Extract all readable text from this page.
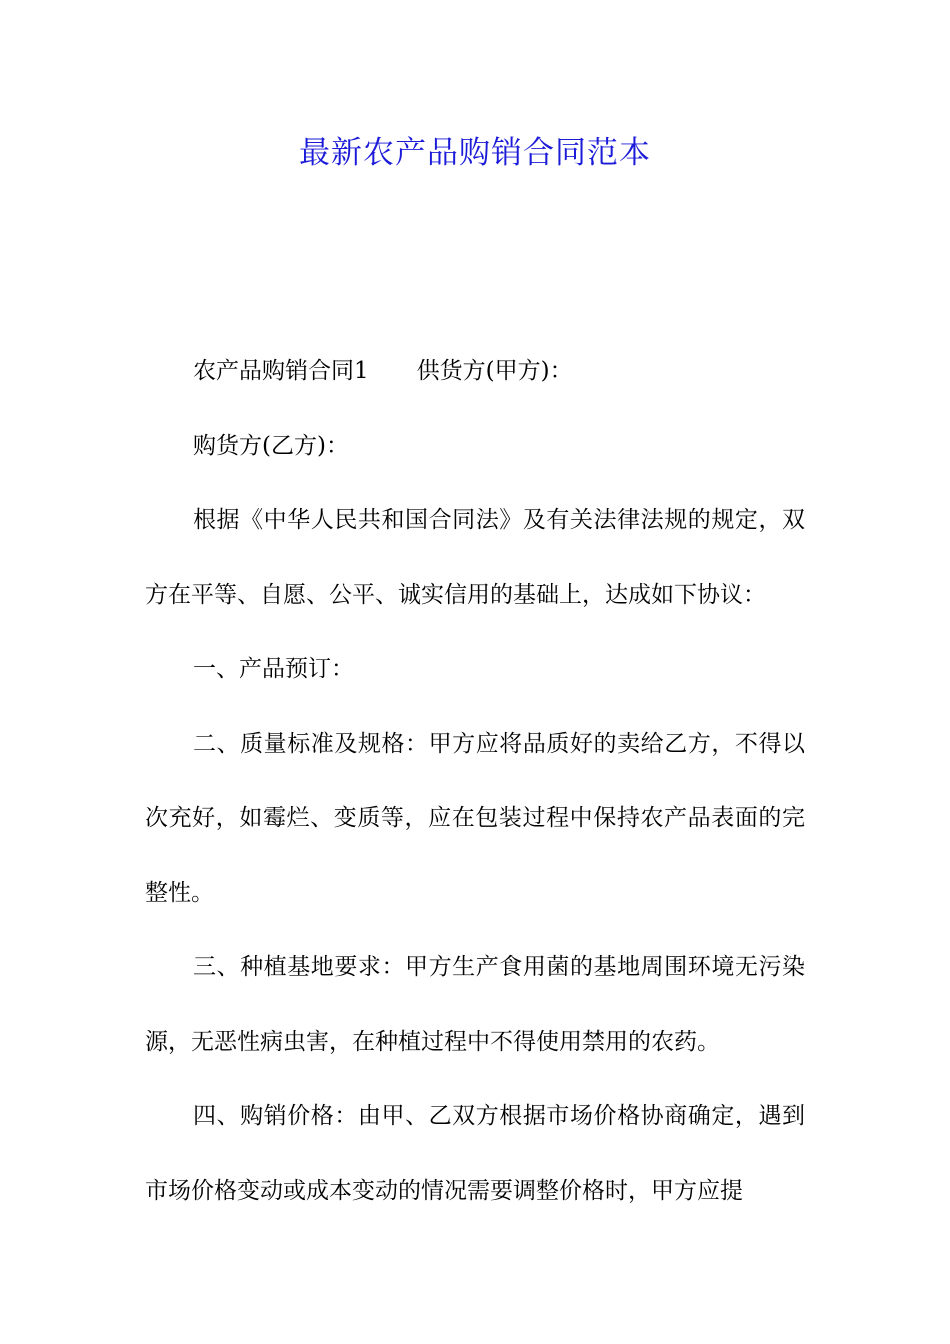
最新农产品购销合同范本

农产品购销合同1 供货方(甲方)：

购货方(乙方)：

根据《中华人民共和国合同法》及有关法律法规的规定，双方在平等、自愿、公平、诚实信用的基础上，达成如下协议：

一、产品预订：

二、质量标准及规格：甲方应将品质好的卖给乙方，不得以次充好，如霉烂、变质等，应在包装过程中保持农产品表面的完整性。

三、种植基地要求：甲方生产食用菌的基地周围环境无污染源，无恶性病虫害，在种植过程中不得使用禁用的农药。

四、购销价格：由甲、乙双方根据市场价格协商确定，遇到市场价格变动或成本变动的情况需要调整价格时，甲方应提
